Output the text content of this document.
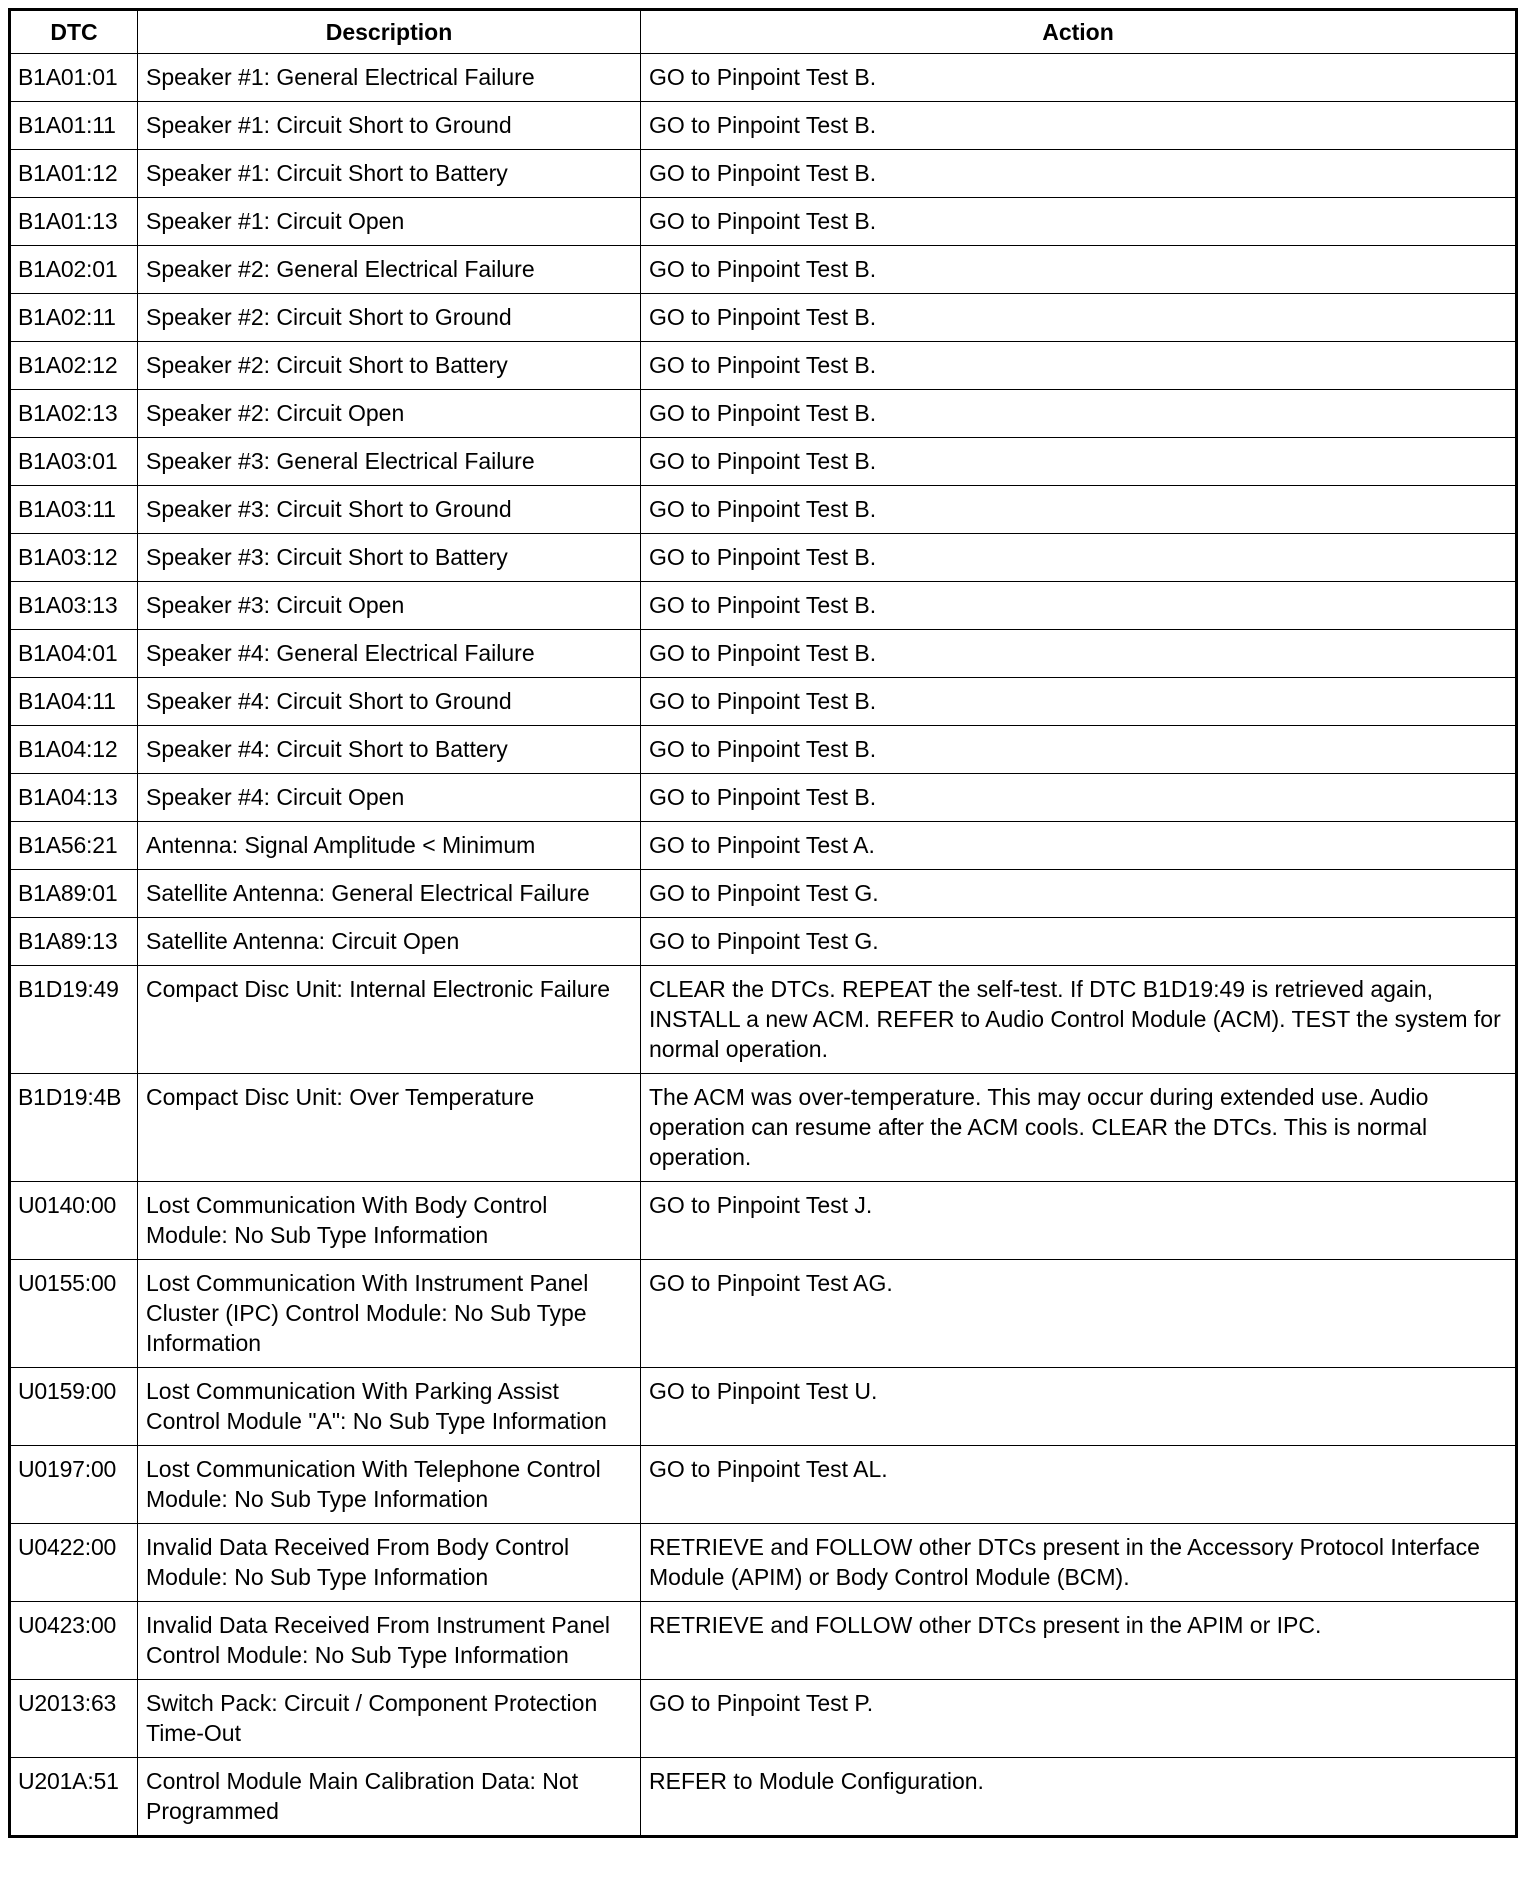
DTC	Description	Action
B1A01:01	Speaker #1: General Electrical Failure	GO to Pinpoint Test B.
B1A01:11	Speaker #1: Circuit Short to Ground	GO to Pinpoint Test B.
B1A01:12	Speaker #1: Circuit Short to Battery	GO to Pinpoint Test B.
B1A01:13	Speaker #1: Circuit Open	GO to Pinpoint Test B.
B1A02:01	Speaker #2: General Electrical Failure	GO to Pinpoint Test B.
B1A02:11	Speaker #2: Circuit Short to Ground	GO to Pinpoint Test B.
B1A02:12	Speaker #2: Circuit Short to Battery	GO to Pinpoint Test B.
B1A02:13	Speaker #2: Circuit Open	GO to Pinpoint Test B.
B1A03:01	Speaker #3: General Electrical Failure	GO to Pinpoint Test B.
B1A03:11	Speaker #3: Circuit Short to Ground	GO to Pinpoint Test B.
B1A03:12	Speaker #3: Circuit Short to Battery	GO to Pinpoint Test B.
B1A03:13	Speaker #3: Circuit Open	GO to Pinpoint Test B.
B1A04:01	Speaker #4: General Electrical Failure	GO to Pinpoint Test B.
B1A04:11	Speaker #4: Circuit Short to Ground	GO to Pinpoint Test B.
B1A04:12	Speaker #4: Circuit Short to Battery	GO to Pinpoint Test B.
B1A04:13	Speaker #4: Circuit Open	GO to Pinpoint Test B.
B1A56:21	Antenna: Signal Amplitude < Minimum	GO to Pinpoint Test A.
B1A89:01	Satellite Antenna: General Electrical Failure	GO to Pinpoint Test G.
B1A89:13	Satellite Antenna: Circuit Open	GO to Pinpoint Test G.
B1D19:49	Compact Disc Unit: Internal Electronic Failure	CLEAR the DTCs. REPEAT the self-test. If DTC B1D19:49 is retrieved again, INSTALL a new ACM. REFER to Audio Control Module (ACM). TEST the system for normal operation.
B1D19:4B	Compact Disc Unit: Over Temperature	The ACM was over-temperature. This may occur during extended use. Audio operation can resume after the ACM cools. CLEAR the DTCs. This is normal operation.
U0140:00	Lost Communication With Body Control Module: No Sub Type Information	GO to Pinpoint Test J.
U0155:00	Lost Communication With Instrument Panel Cluster (IPC) Control Module: No Sub Type Information	GO to Pinpoint Test AG.
U0159:00	Lost Communication With Parking Assist Control Module "A": No Sub Type Information	GO to Pinpoint Test U.
U0197:00	Lost Communication With Telephone Control Module: No Sub Type Information	GO to Pinpoint Test AL.
U0422:00	Invalid Data Received From Body Control Module: No Sub Type Information	RETRIEVE and FOLLOW other DTCs present in the Accessory Protocol Interface Module (APIM) or Body Control Module (BCM).
U0423:00	Invalid Data Received From Instrument Panel Control Module: No Sub Type Information	RETRIEVE and FOLLOW other DTCs present in the APIM or IPC.
U2013:63	Switch Pack: Circuit / Component Protection Time-Out	GO to Pinpoint Test P.
U201A:51	Control Module Main Calibration Data: Not Programmed	REFER to Module Configuration.
